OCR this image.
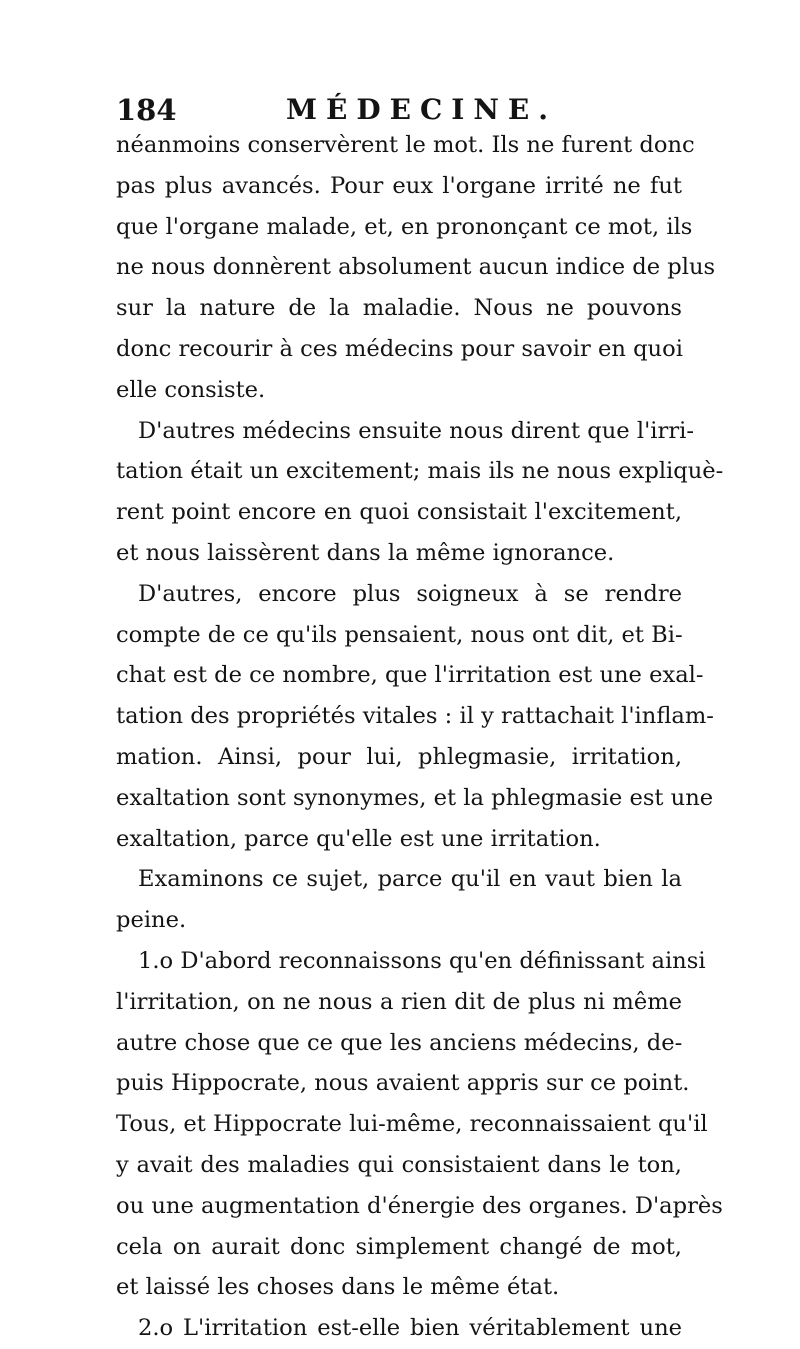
184	MÉDECINE.
néanmoins conservèrent le mot. Ils ne furent donc
pas plus avancés. Pour eux l'organe irrité ne fut
que l'organe malade, et, en prononçant ce mot, ils
ne nous donnèrent absolument aucun indice de plus
sur la nature de la maladie. Nous ne pouvons
donc recourir à ces médecins pour savoir en quoi
elle consiste.
D'autres médecins ensuite nous dirent que l'irri-
tation était un excitement; mais ils ne nous expliquè-
rent point encore en quoi consistait l'excitement,
et nous laissèrent dans la même ignorance.
D'autres, encore plus soigneux à se rendre
compte de ce qu'ils pensaient, nous ont dit, et Bi-
chat est de ce nombre, que l'irritation est une exal-
tation des propriétés vitales : il y rattachait l'inflam-
mation. Ainsi, pour lui, phlegmasie, irritation,
exaltation sont synonymes, et la phlegmasie est une
exaltation, parce qu'elle est une irritation.
Examinons ce sujet, parce qu'il en vaut bien la
peine.
1.o D'abord reconnaissons qu'en définissant ainsi
l'irritation, on ne nous a rien dit de plus ni même
autre chose que ce que les anciens médecins, de-
puis Hippocrate, nous avaient appris sur ce point.
Tous, et Hippocrate lui-même, reconnaissaient qu'il
y avait des maladies qui consistaient dans le ton,
ou une augmentation d'énergie des organes. D'après
cela on aurait donc simplement changé de mot,
et laissé les choses dans le même état.
2.o L'irritation est-elle bien véritablement une
